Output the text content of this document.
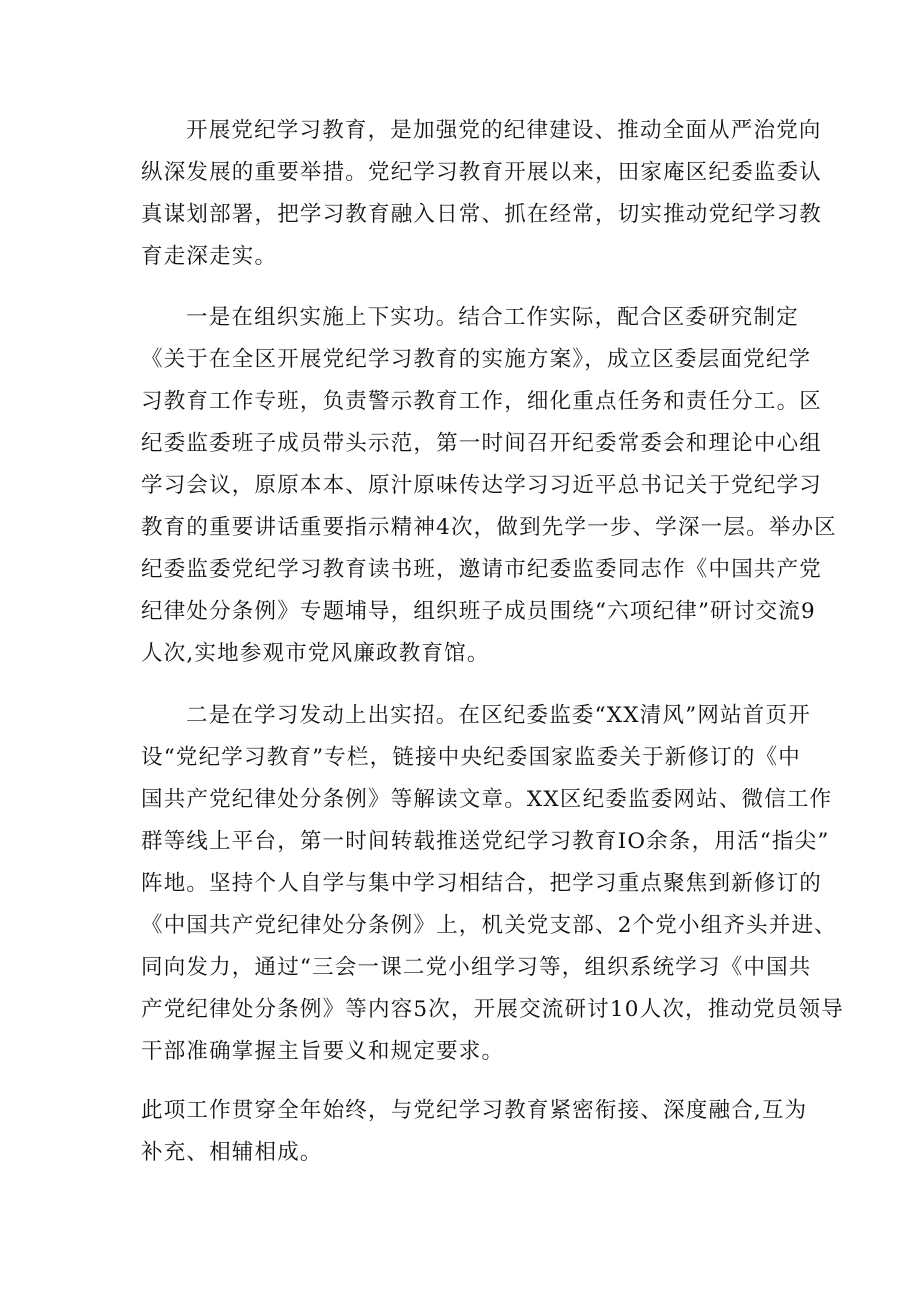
开展党纪学习教育，是加强党的纪律建设、推动全面从严治党向
纵深发展的重要举措。党纪学习教育开展以来，田家庵区纪委监委认
真谋划部署，把学习教育融入日常、抓在经常，切实推动党纪学习教
育走深走实。
一是在组织实施上下实功。结合工作实际，配合区委研究制定
《关于在全区开展党纪学习教育的实施方案》，成立区委层面党纪学
习教育工作专班，负责警示教育工作，细化重点任务和责任分工。区
纪委监委班子成员带头示范，第一时间召开纪委常委会和理论中心组
学习会议，原原本本、原汁原味传达学习习近平总书记关于党纪学习
教育的重要讲话重要指示精神4次，做到先学一步、学深一层。举办区
纪委监委党纪学习教育读书班，邀请市纪委监委同志作《中国共产党
纪律处分条例》专题埔导，组织班子成员围绕“六项纪律”研讨交流9
人次,实地参观市党风廉政教育馆。
二是在学习发动上出实招。在区纪委监委“XX清风”网站首页开
设“党纪学习教育”专栏，链接中央纪委国家监委关于新修订的《中
国共产党纪律处分条例》等解读文章。XX区纪委监委网站、微信工作
群等线上平台，第一时间转载推送党纪学习教育IO余条，用活“指尖”
阵地。坚持个人自学与集中学习相结合，把学习重点聚焦到新修订的
《中国共产党纪律处分条例》上，机关党支部、2个党小组齐头并进、
同向发力，通过“三会一课二党小组学习等，组织系统学习《中国共
产党纪律处分条例》等内容5次，开展交流研讨10人次，推动党员领导
干部准确掌握主旨要义和规定要求。
此项工作贯穿全年始终，与党纪学习教育紧密衔接、深度融合,互为
补充、相辅相成。
